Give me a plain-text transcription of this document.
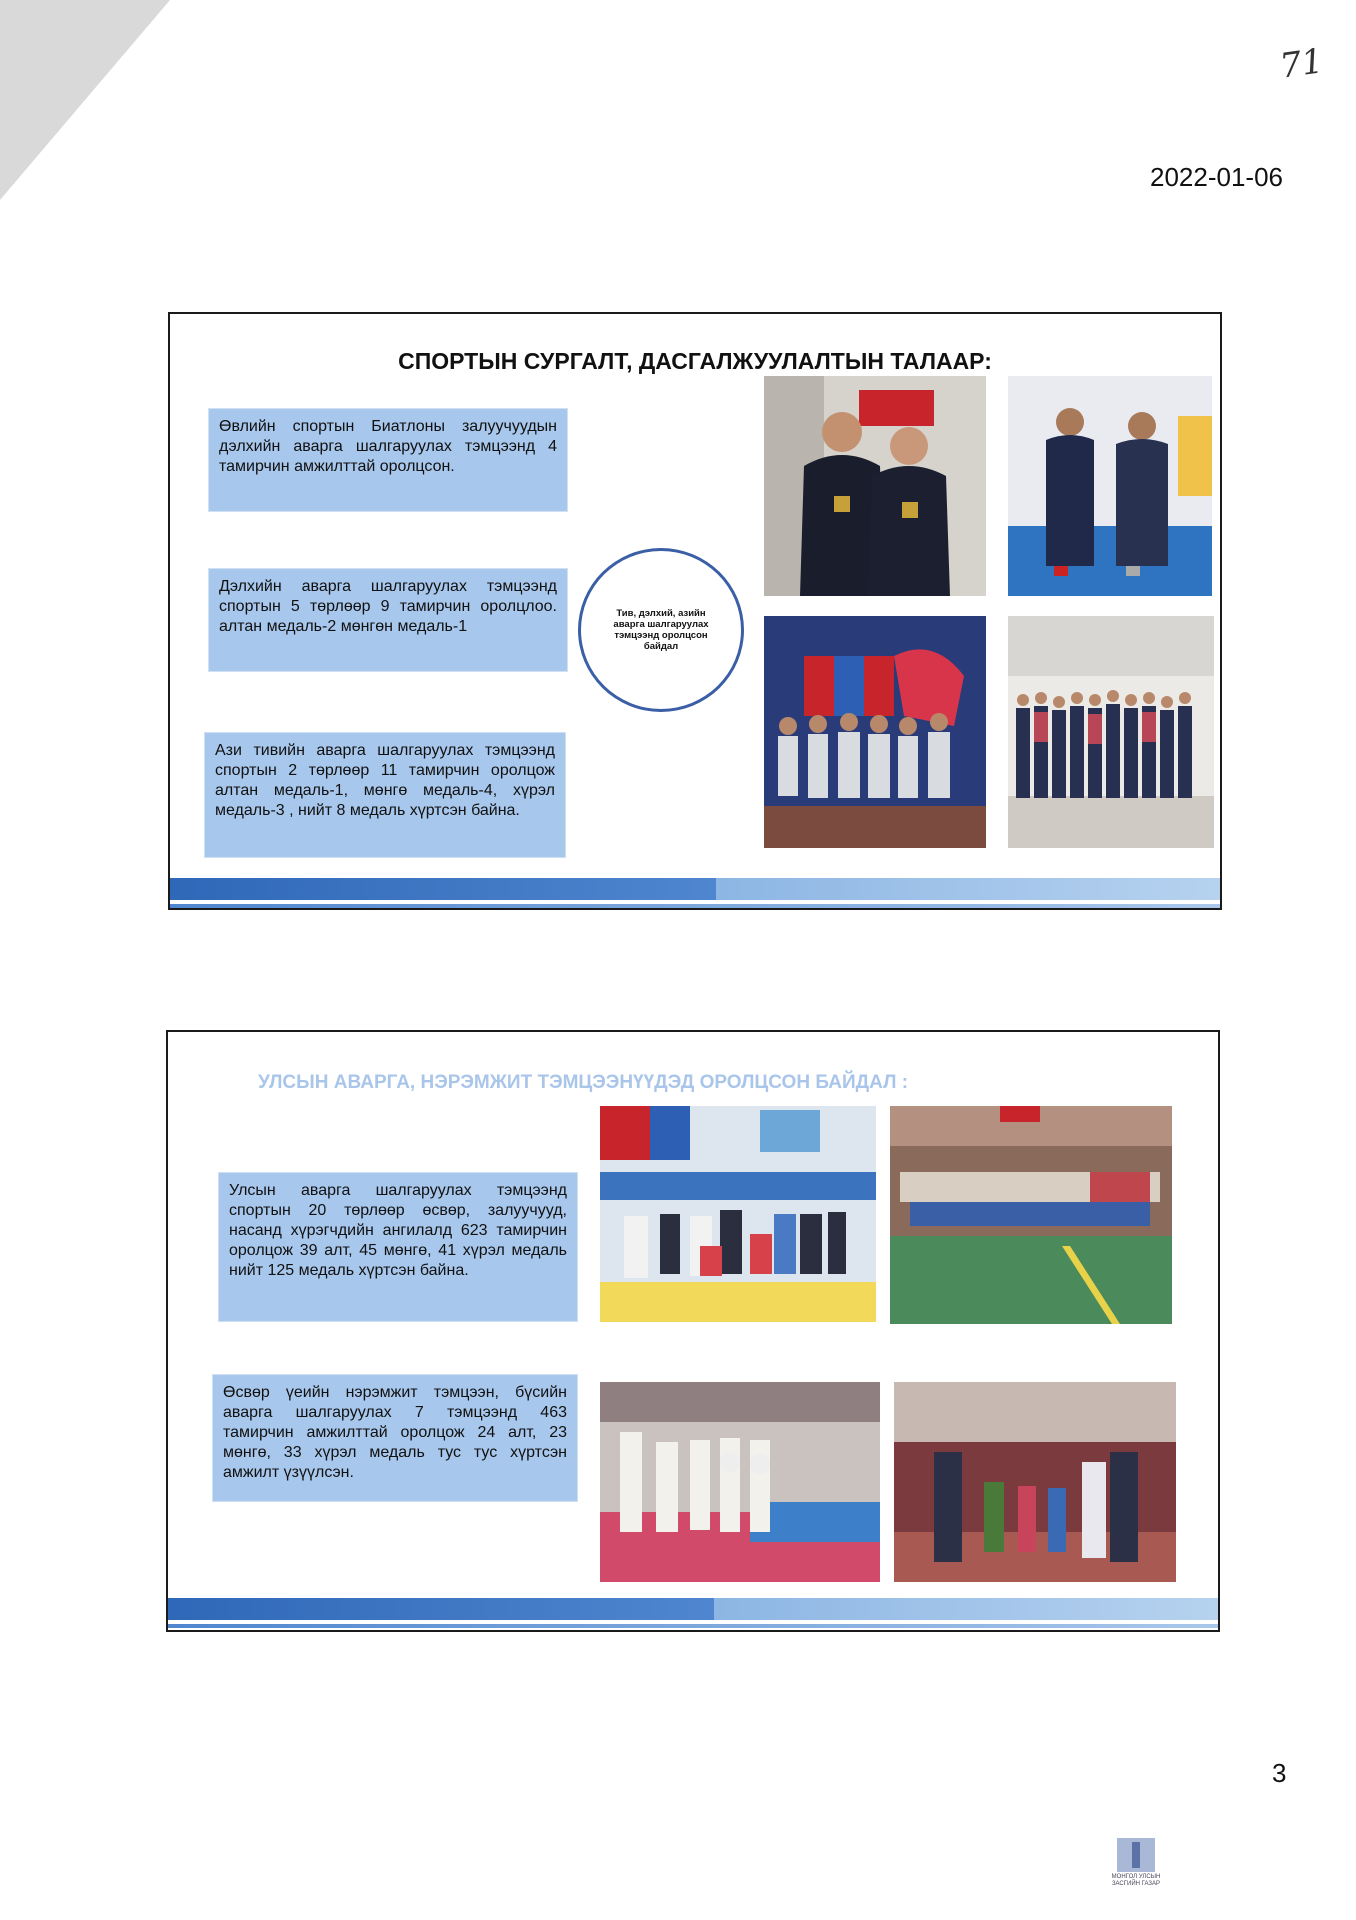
71
2022-01-06
СПОРТЫН СУРГАЛТ, ДАСГАЛЖУУЛАЛТЫН ТАЛААР:
Өвлийн спортын Биатлоны залуучуудын дэлхийн аварга шалгаруулах тэмцээнд 4 тамирчин амжилттай оролцсон.
Дэлхийн аварга шалгаруулах тэмцээнд спортын 5 төрлөөр 9 тамирчин оролцлоо. алтан медаль-2 мөнгөн медаль-1
Ази тивийн аварга шалгаруулах тэмцээнд спортын 2 төрлөөр 11 тамирчин оролцож алтан медаль-1, мөнгө медаль-4, хүрэл медаль-3 , нийт 8 медаль хүртсэн байна.
Тив, дэлхий, азийн аварга шалгаруулах тэмцээнд оролцсон байдал
УЛСЫН АВАРГА, НЭРЭМЖИТ ТЭМЦЭЭНҮҮДЭД ОРОЛЦСОН БАЙДАЛ :
Улсын аварга шалгаруулах тэмцээнд спортын 20 төрлөөр өсвөр, залуучууд, насанд хүрэгчдийн ангилалд 623 тамирчин оролцож 39 алт, 45 мөнгө, 41 хүрэл медаль нийт 125 медаль хүртсэн байна.
Өсвөр үеийн нэрэмжит тэмцээн, бүсийн аварга шалгаруулах 7 тэмцээнд 463 тамирчин амжилттай оролцож 24 алт, 23 мөнгө, 33 хүрэл медаль тус тус хүртсэн амжилт үзүүлсэн.
3
МОНГОЛ УЛСЫН ЗАСГИЙН ГАЗАР
